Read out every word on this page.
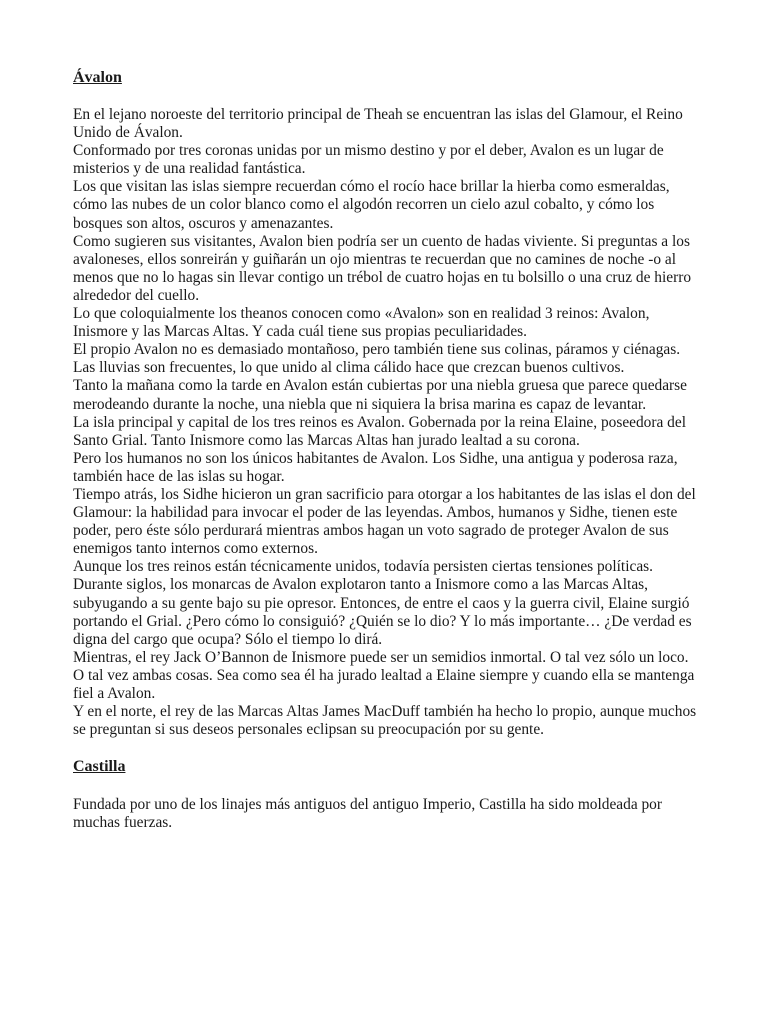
Ávalon

En el lejano noroeste del territorio principal de Theah se encuentran las islas del Glamour, el Reino Unido de Ávalon.

Conformado por tres coronas unidas por un mismo destino y por el deber, Avalon es un lugar de misterios y de una realidad fantástica.

Los que visitan las islas siempre recuerdan cómo el rocío hace brillar la hierba como esmeraldas, cómo las nubes de un color blanco como el algodón recorren un cielo azul cobalto, y cómo los bosques son altos, oscuros y amenazantes.

Como sugieren sus visitantes, Avalon bien podría ser un cuento de hadas viviente. Si preguntas a los avaloneses, ellos sonreirán y guiñarán un ojo mientras te recuerdan que no camines de noche -o al menos que no lo hagas sin llevar contigo un trébol de cuatro hojas en tu bolsillo o una cruz de hierro alrededor del cuello.

Lo que coloquialmente los theanos conocen como «Avalon» son en realidad 3 reinos: Avalon, Inismore y las Marcas Altas. Y cada cuál tiene sus propias peculiaridades.

El propio Avalon no es demasiado montañoso, pero también tiene sus colinas, páramos y ciénagas. Las lluvias son frecuentes, lo que unido al clima cálido hace que crezcan buenos cultivos.

Tanto la mañana como la tarde en Avalon están cubiertas por una niebla gruesa que parece quedarse merodeando durante la noche, una niebla que ni siquiera la brisa marina es capaz de levantar.

La isla principal y capital de los tres reinos es Avalon. Gobernada por la reina Elaine, poseedora del Santo Grial. Tanto Inismore como las Marcas Altas han jurado lealtad a su corona.

Pero los humanos no son los únicos habitantes de Avalon. Los Sidhe, una antigua y poderosa raza, también hace de las islas su hogar.

Tiempo atrás, los Sidhe hicieron un gran sacrificio para otorgar a los habitantes de las islas el don del Glamour: la habilidad para invocar el poder de las leyendas. Ambos, humanos y Sidhe, tienen este poder, pero éste sólo perdurará mientras ambos hagan un voto sagrado de proteger Avalon de sus enemigos tanto internos como externos.

Aunque los tres reinos están técnicamente unidos, todavía persisten ciertas tensiones políticas.

Durante siglos, los monarcas de Avalon explotaron tanto a Inismore como a las Marcas Altas, subyugando a su gente bajo su pie opresor. Entonces, de entre el caos y la guerra civil, Elaine surgió portando el Grial. ¿Pero cómo lo consiguió? ¿Quién se lo dio? Y lo más importante… ¿De verdad es digna del cargo que ocupa? Sólo el tiempo lo dirá.

Mientras, el rey Jack O’Bannon de Inismore puede ser un semidios inmortal. O tal vez sólo un loco. O tal vez ambas cosas. Sea como sea él ha jurado lealtad a Elaine siempre y cuando ella se mantenga fiel a Avalon.

Y en el norte, el rey de las Marcas Altas James MacDuff también ha hecho lo propio, aunque muchos se preguntan si sus deseos personales eclipsan su preocupación por su gente.

Castilla

Fundada por uno de los linajes más antiguos del antiguo Imperio, Castilla ha sido moldeada por muchas fuerzas.
